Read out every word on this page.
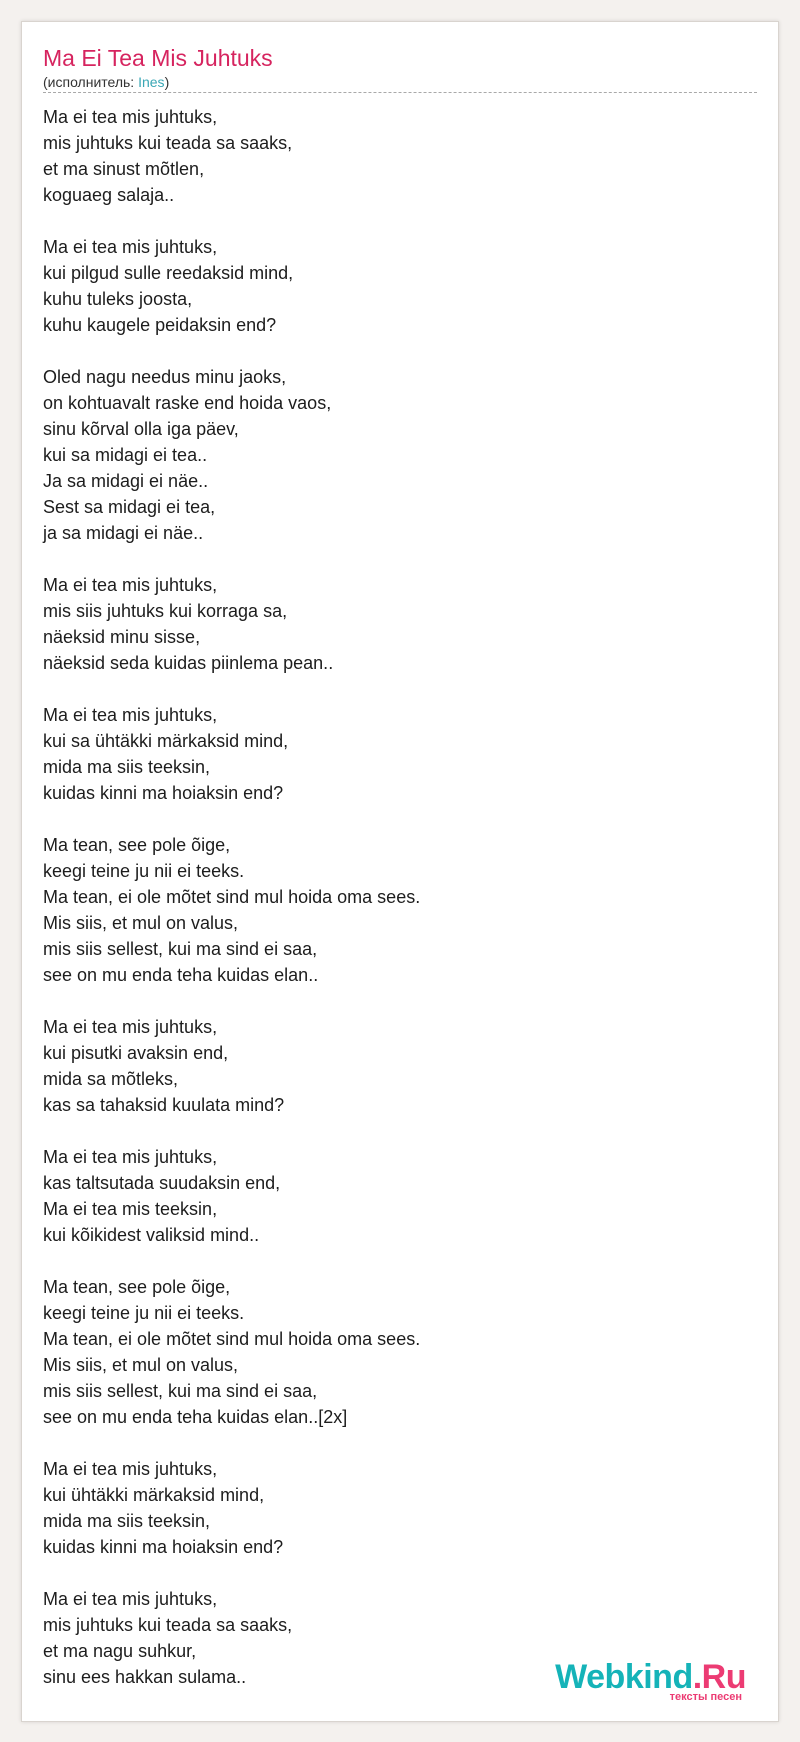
Ma Ei Tea Mis Juhtuks
(исполнитель: Ines)
Ma ei tea mis juhtuks,
mis juhtuks kui teada sa saaks,
et ma sinust mõtlen,
koguaeg salaja..
Ma ei tea mis juhtuks,
kui pilgud sulle reedaksid mind,
kuhu tuleks joosta,
kuhu kaugele peidaksin end?
Oled nagu needus minu jaoks,
on kohtuavalt raske end hoida vaos,
sinu kõrval olla iga päev,
kui sa midagi ei tea..
Ja sa midagi ei näe..
Sest sa midagi ei tea,
ja sa midagi ei näe..
Ma ei tea mis juhtuks,
mis siis juhtuks kui korraga sa,
näeksid minu sisse,
näeksid seda kuidas piinlema pean..
Ma ei tea mis juhtuks,
kui sa ühtäkki märkaksid mind,
mida ma siis teeksin,
kuidas kinni ma hoiaksin end?
Ma tean, see pole õige,
keegi teine ju nii ei teeks.
Ma tean, ei ole mõtet sind mul hoida oma sees.
Mis siis, et mul on valus,
mis siis sellest, kui ma sind ei saa,
see on mu enda teha kuidas elan..
Ma ei tea mis juhtuks,
kui pisutki avaksin end,
mida sa mõtleks,
kas sa tahaksid kuulata mind?
Ma ei tea mis juhtuks,
kas taltsutada suudaksin end,
Ma ei tea mis teeksin,
kui kõikidest valiksid mind..
Ma tean, see pole õige,
keegi teine ju nii ei teeks.
Ma tean, ei ole mõtet sind mul hoida oma sees.
Mis siis, et mul on valus,
mis siis sellest, kui ma sind ei saa,
see on mu enda teha kuidas elan..[2x]
Ma ei tea mis juhtuks,
kui ühtäkki märkaksid mind,
mida ma siis teeksin,
kuidas kinni ma hoiaksin end?
Ma ei tea mis juhtuks,
mis juhtuks kui teada sa saaks,
et ma nagu suhkur,
sinu ees hakkan sulama..	Webkind.Ru
тексты песен
